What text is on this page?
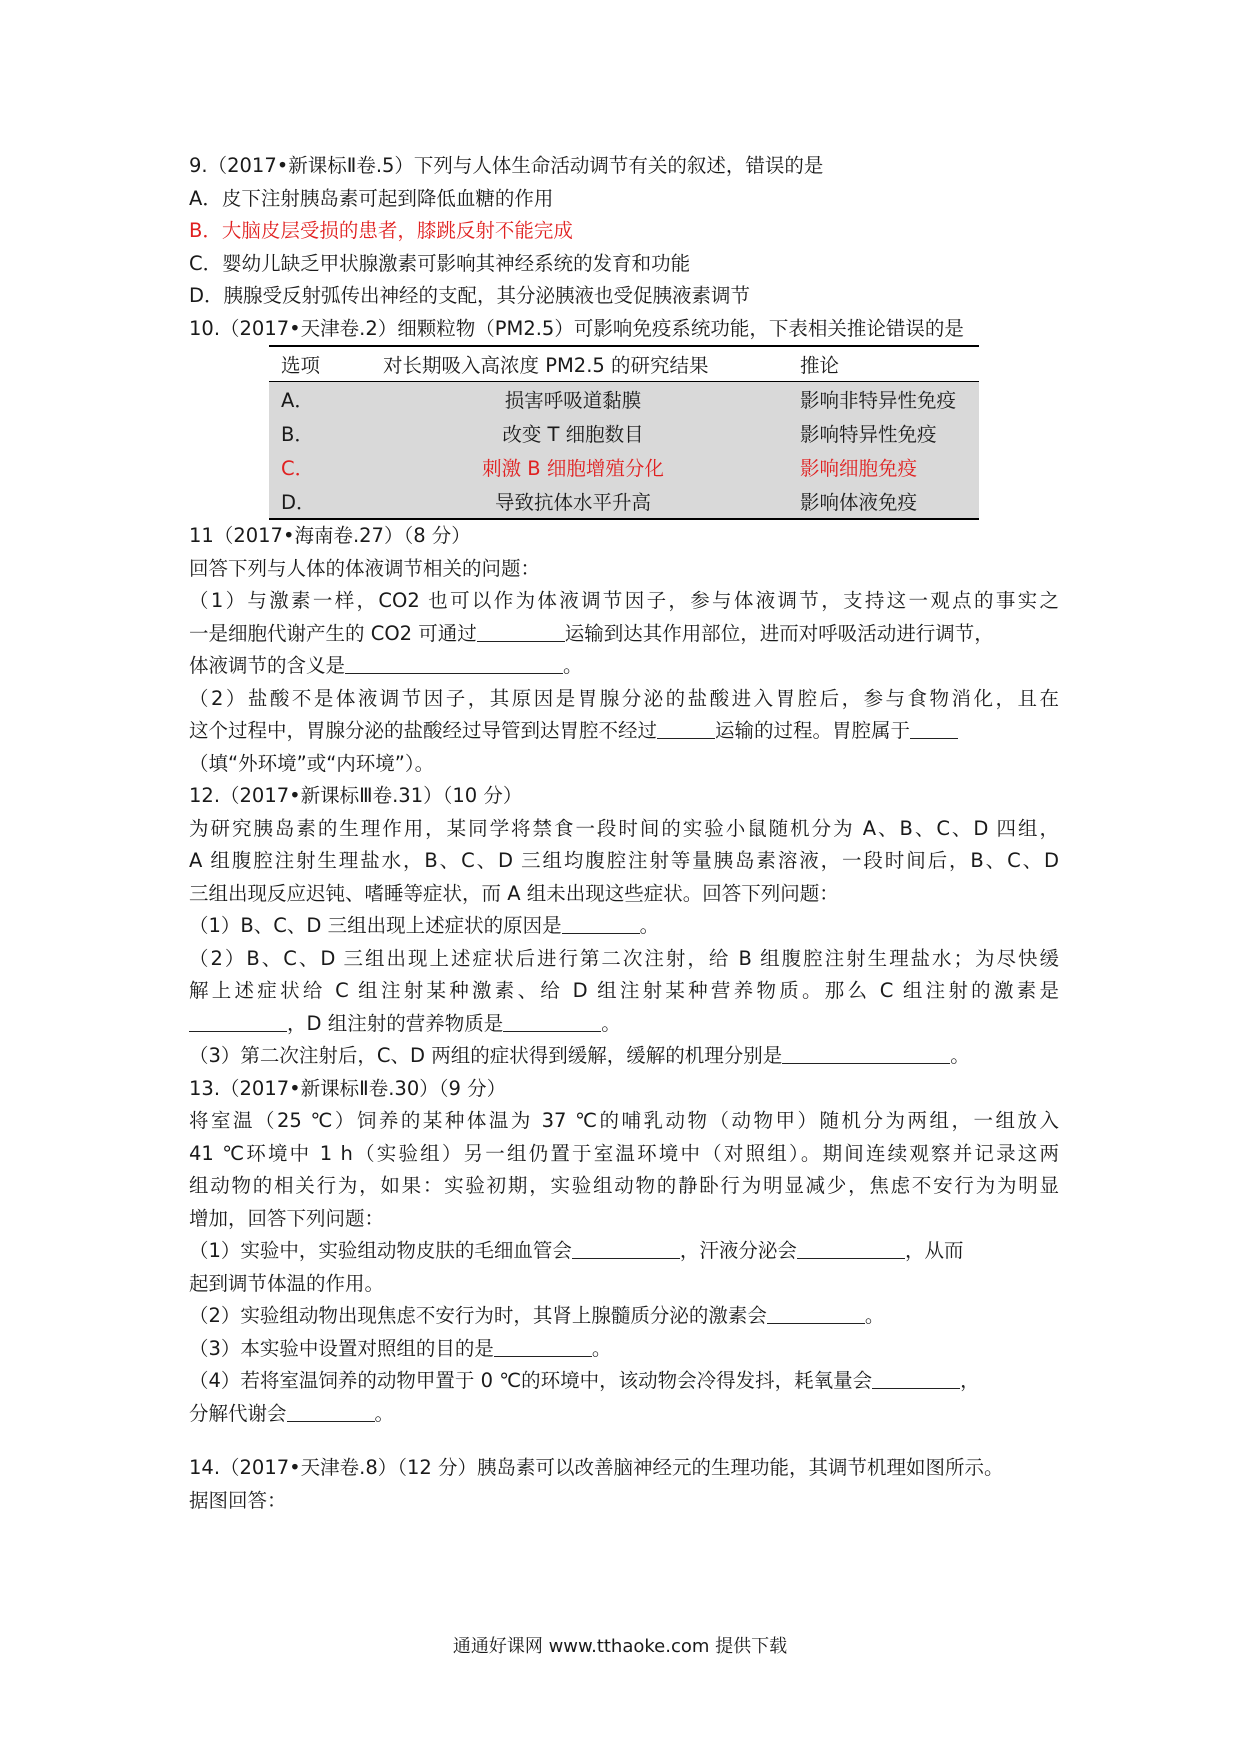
9.（2017•新课标Ⅱ卷.5）下列与人体生命活动调节有关的叙述，错误的是
A．皮下注射胰岛素可起到降低血糖的作用
B．大脑皮层受损的患者，膝跳反射不能完成
C．婴幼儿缺乏甲状腺激素可影响其神经系统的发育和功能
D．胰腺受反射弧传出神经的支配，其分泌胰液也受促胰液素调节
10.（2017•天津卷.2）细颗粒物（PM2.5）可影响免疫系统功能，下表相关推论错误的是
选项	对长期吸入高浓度 PM2.5 的研究结果	推论
A．	损害呼吸道黏膜	影响非特异性免疫
B．	改变 T 细胞数目	影响特异性免疫
C．	刺激 B 细胞增殖分化	影响细胞免疫
D．	导致抗体水平升高	影响体液免疫
11（2017•海南卷.27）（8 分）
回答下列与人体的体液调节相关的问题：
（1）与激素一样，CO2 也可以作为体液调节因子，参与体液调节，支持这一观点的事实之
一是细胞代谢产生的 CO2 可通过	运输到达其作用部位，进而对呼吸活动进行调节，
体液调节的含义是	。
（2）盐酸不是体液调节因子，其原因是胃腺分泌的盐酸进入胃腔后，参与食物消化，且在
这个过程中，胃腺分泌的盐酸经过导管到达胃腔不经过	运输的过程。胃腔属于
（填“外环境”或“内环境”）。
12.（2017•新课标Ⅲ卷.31）（10 分）
为研究胰岛素的生理作用，某同学将禁食一段时间的实验小鼠随机分为 A、B、C、D 四组，
A 组腹腔注射生理盐水，B、C、D 三组均腹腔注射等量胰岛素溶液，一段时间后，B、C、D
三组出现反应迟钝、嗜睡等症状，而 A 组未出现这些症状。回答下列问题：
（1）B、C、D 三组出现上述症状的原因是	。
（2）B、C、D 三组出现上述症状后进行第二次注射，给 B 组腹腔注射生理盐水；为尽快缓
解上述症状给 C 组注射某种激素、给 D 组注射某种营养物质。那么 C 组注射的激素是
，D 组注射的营养物质是	。
（3）第二次注射后，C、D 两组的症状得到缓解，缓解的机理分别是	。
13.（2017•新课标Ⅱ卷.30）（9 分）
将室温（25 ℃）饲养的某种体温为 37 ℃的哺乳动物（动物甲）随机分为两组，一组放入
41 ℃环境中 1 h（实验组）另一组仍置于室温环境中（对照组）。期间连续观察并记录这两
组动物的相关行为，如果：实验初期，实验组动物的静卧行为明显减少，焦虑不安行为为明显
增加，回答下列问题：
（1）实验中，实验组动物皮肤的毛细血管会	，汗液分泌会	，从而
起到调节体温的作用。
（2）实验组动物出现焦虑不安行为时，其肾上腺髓质分泌的激素会	。
（3）本实验中设置对照组的目的是	。
（4）若将室温饲养的动物甲置于 0 ℃的环境中，该动物会冷得发抖，耗氧量会	，
分解代谢会	。
14.（2017•天津卷.8）（12 分）胰岛素可以改善脑神经元的生理功能，其调节机理如图所示。
据图回答：
通通好课网 www.tthaoke.com 提供下载
